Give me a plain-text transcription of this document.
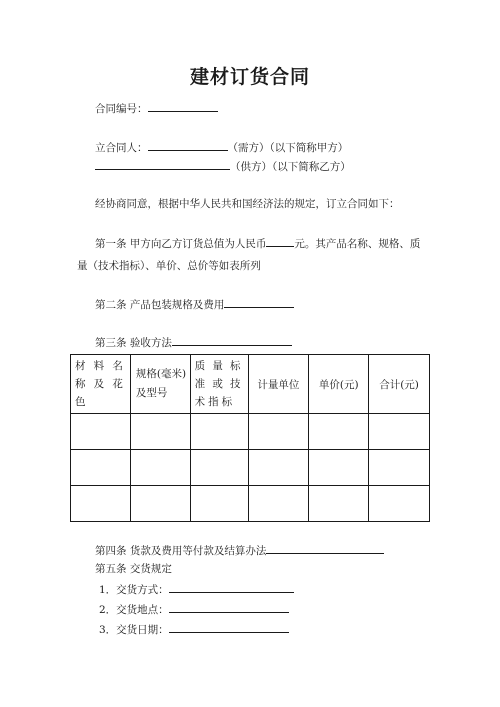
建材订货合同
合同编号：
立合同人：	（需方）（以下简称甲方）
（供方）（以下简称乙方）
经协商同意，根据中华人民共和国经济法的规定，订立合同如下：
第一条 甲方向乙方订货总值为人民币	元。其产品名称、规格、质量（技术指标）、单价、总价等如表所列
第二条 产品包装规格及费用
第三条 验收方法
材料名称及花色	规格(毫米)及型号	质量标准或技术指标	计量单位	单价(元)	合计(元)

第四条 货款及费用等付款及结算办法
第五条 交货规定
1．交货方式：
2．交货地点：
3．交货日期：
